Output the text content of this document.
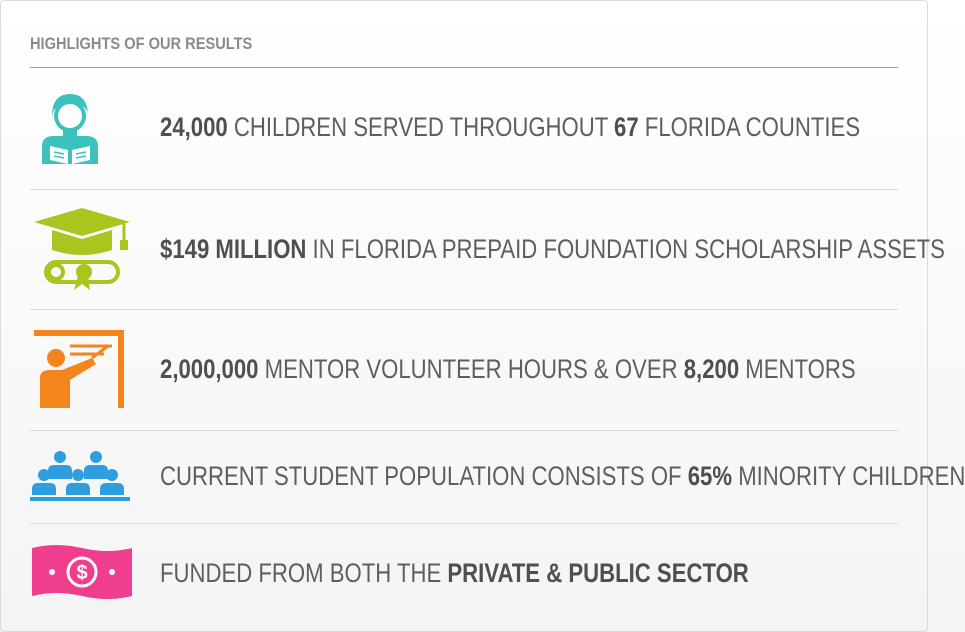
HIGHLIGHTS OF OUR RESULTS
24,000 CHILDREN SERVED THROUGHOUT 67 FLORIDA COUNTIES
$149 MILLION IN FLORIDA PREPAID FOUNDATION SCHOLARSHIP ASSETS
2,000,000 MENTOR VOLUNTEER HOURS & OVER 8,200 MENTORS
CURRENT STUDENT POPULATION CONSISTS OF 65% MINORITY CHILDREN
$	FUNDED FROM BOTH THE PRIVATE & PUBLIC SECTOR
